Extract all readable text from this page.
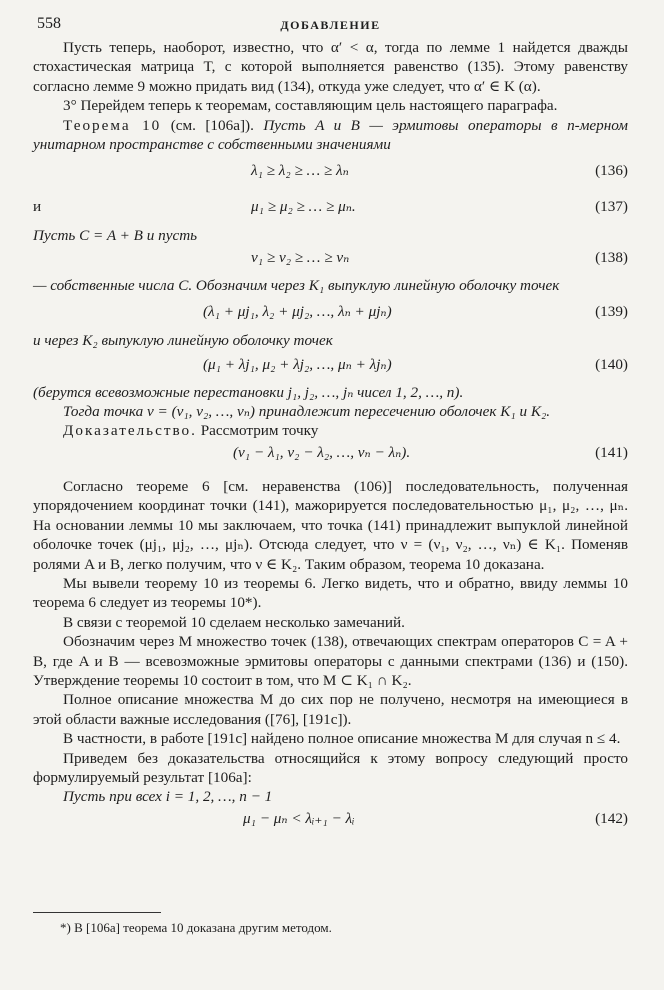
558	ДОБАВЛЕНИЕ

Пусть теперь, наоборот, известно, что α′ < α, тогда по лемме 1 найдется дважды стохастическая матрица T, с которой выполняется равенство (135). Этому равенству согласно лемме 9 можно придать вид (134), откуда уже следует, что α′ ∈ K (α).

3° Перейдем теперь к теоремам, составляющим цель настоящего параграфа.

Теорема 10 (см. [106а]). Пусть A и B — эрмитовы операторы в n-мерном унитарном пространстве с собственными значениями

λ₁ ≥ λ₂ ≥ … ≥ λₙ	(136)
и	μ₁ ≥ μ₂ ≥ … ≥ μₙ.	(137)

Пусть C = A + B и пусть

ν₁ ≥ ν₂ ≥ … ≥ νₙ	(138)

— собственные числа C. Обозначим через K₁ выпуклую линейную оболочку точек

(λ₁ + μj₁, λ₂ + μj₂, …, λₙ + μjₙ)	(139)

и через K₂ выпуклую линейную оболочку точек

(μ₁ + λj₁, μ₂ + λj₂, …, μₙ + λjₙ)	(140)

(берутся всевозможные перестановки j₁, j₂, …, jₙ чисел 1, 2, …, n).

Тогда точка ν = (ν₁, ν₂, …, νₙ) принадлежит пересечению оболочек K₁ и K₂.

Доказательство. Рассмотрим точку

(ν₁ − λ₁, ν₂ − λ₂, …, νₙ − λₙ).	(141)

Согласно теореме 6 [см. неравенства (106)] последовательность, полученная упорядочением координат точки (141), мажорируется последовательностью μ₁, μ₂, …, μₙ. На основании леммы 10 мы заключаем, что точка (141) принадлежит выпуклой линейной оболочке точек (μj₁, μj₂, …, μjₙ). Отсюда следует, что ν = (ν₁, ν₂, …, νₙ) ∈ K₁. Поменяв ролями A и B, легко получим, что ν ∈ K₂. Таким образом, теорема 10 доказана.

Мы вывели теорему 10 из теоремы 6. Легко видеть, что и обратно, ввиду леммы 10 теорема 6 следует из теоремы 10*).

В связи с теоремой 10 сделаем несколько замечаний.

Обозначим через M множество точек (138), отвечающих спектрам операторов C = A + B, где A и B — всевозможные эрмитовы операторы с данными спектрами (136) и (150). Утверждение теоремы 10 состоит в том, что M ⊂ K₁ ∩ K₂.

Полное описание множества M до сих пор не получено, несмотря на имеющиеся в этой области важные исследования ([76], [191c]).

В частности, в работе [191c] найдено полное описание множества M для случая n ≤ 4.

Приведем без доказательства относящийся к этому вопросу следующий просто формулируемый результат [106а]:

Пусть при всех i = 1, 2, …, n − 1

μ₁ − μₙ < λᵢ₊₁ − λᵢ	(142)
*) В [106а] теорема 10 доказана другим методом.
